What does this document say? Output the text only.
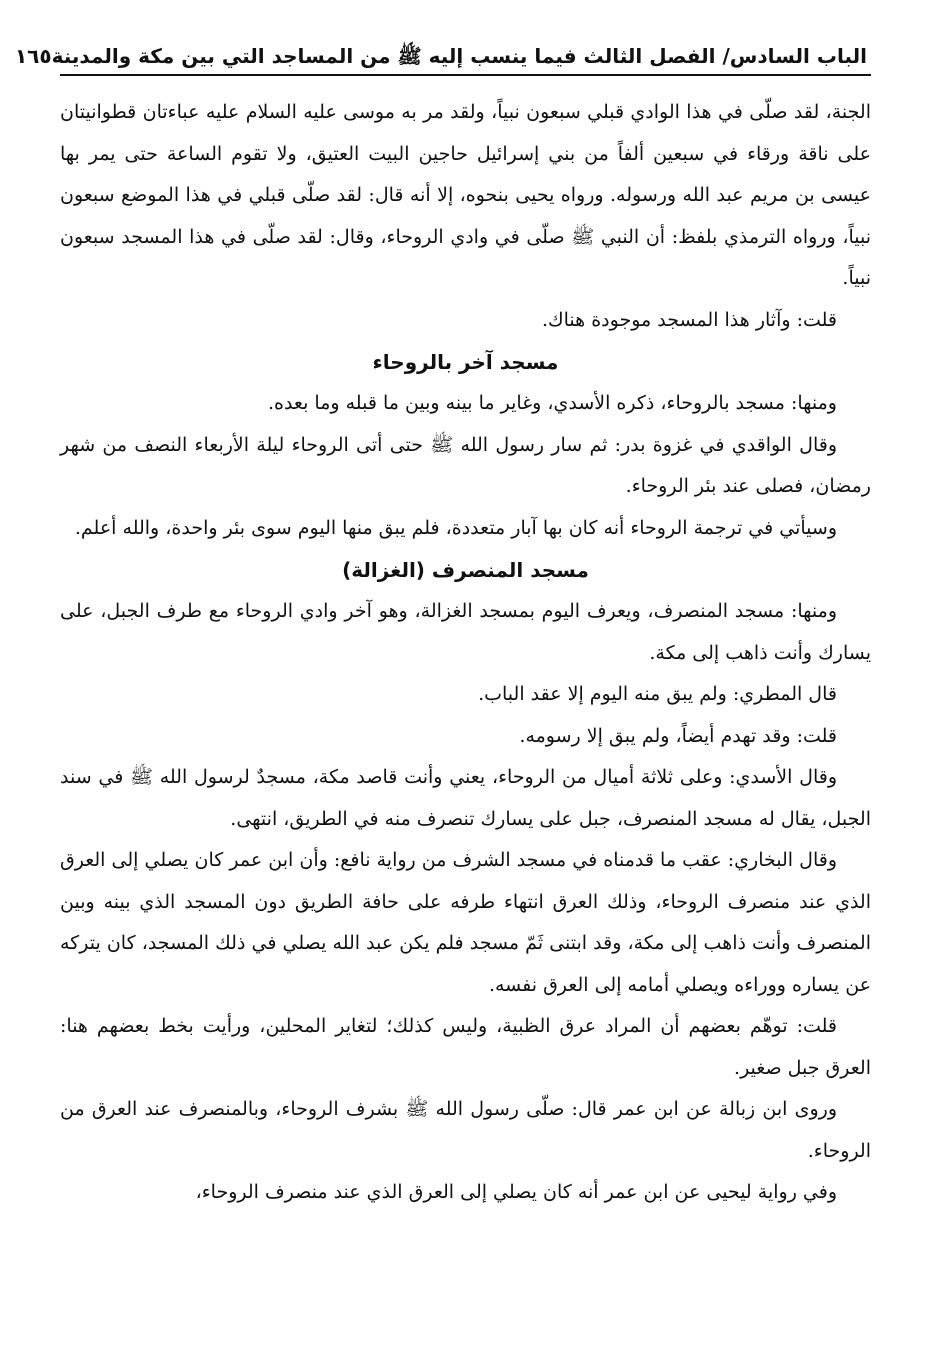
الباب السادس/ الفصل الثالث فيما ينسب إليه ﷺ من المساجد التي بين مكة والمدينة
١٦٥

الجنة، لقد صلّى في هذا الوادي قبلي سبعون نبياً، ولقد مر به موسى عليه السلام عليه عباءتان قطوانيتان على ناقة ورقاء في سبعين ألفاً من بني إسرائيل حاجين البيت العتيق، ولا تقوم الساعة حتى يمر بها عيسى بن مريم عبد الله ورسوله. ورواه يحيى بنحوه، إلا أنه قال: لقد صلّى قبلي في هذا الموضع سبعون نبياً، ورواه الترمذي بلفظ: أن النبي ﷺ صلّى في وادي الروحاء، وقال: لقد صلّى في هذا المسجد سبعون نبياً.

قلت: وآثار هذا المسجد موجودة هناك.

مسجد آخر بالروحاء

ومنها: مسجد بالروحاء، ذكره الأسدي، وغاير ما بينه وبين ما قبله وما بعده.

وقال الواقدي في غزوة بدر: ثم سار رسول الله ﷺ حتى أتى الروحاء ليلة الأربعاء النصف من شهر رمضان، فصلى عند بئر الروحاء.

وسيأتي في ترجمة الروحاء أنه كان بها آبار متعددة، فلم يبق منها اليوم سوى بئر واحدة، والله أعلم.

مسجد المنصرف (الغزالة)

ومنها: مسجد المنصرف، ويعرف اليوم بمسجد الغزالة، وهو آخر وادي الروحاء مع طرف الجبل، على يسارك وأنت ذاهب إلى مكة.

قال المطري: ولم يبق منه اليوم إلا عقد الباب.

قلت: وقد تهدم أيضاً، ولم يبق إلا رسومه.

وقال الأسدي: وعلى ثلاثة أميال من الروحاء، يعني وأنت قاصد مكة، مسجدٌ لرسول الله ﷺ في سند الجبل، يقال له مسجد المنصرف، جبل على يسارك تنصرف منه في الطريق، انتهى.

وقال البخاري: عقب ما قدمناه في مسجد الشرف من رواية نافع: وأن ابن عمر كان يصلي إلى العرق الذي عند منصرف الروحاء، وذلك العرق انتهاء طرفه على حافة الطريق دون المسجد الذي بينه وبين المنصرف وأنت ذاهب إلى مكة، وقد ابتنى ثَمّ مسجد فلم يكن عبد الله يصلي في ذلك المسجد، كان يتركه عن يساره ووراءه ويصلي أمامه إلى العرق نفسه.

قلت: توهّم بعضهم أن المراد عرق الظبية، وليس كذلك؛ لتغاير المحلين، ورأيت بخط بعضهم هنا: العرق جبل صغير.

وروى ابن زبالة عن ابن عمر قال: صلّى رسول الله ﷺ بشرف الروحاء، وبالمنصرف عند العرق من الروحاء.

وفي رواية ليحيى عن ابن عمر أنه كان يصلي إلى العرق الذي عند منصرف الروحاء،
